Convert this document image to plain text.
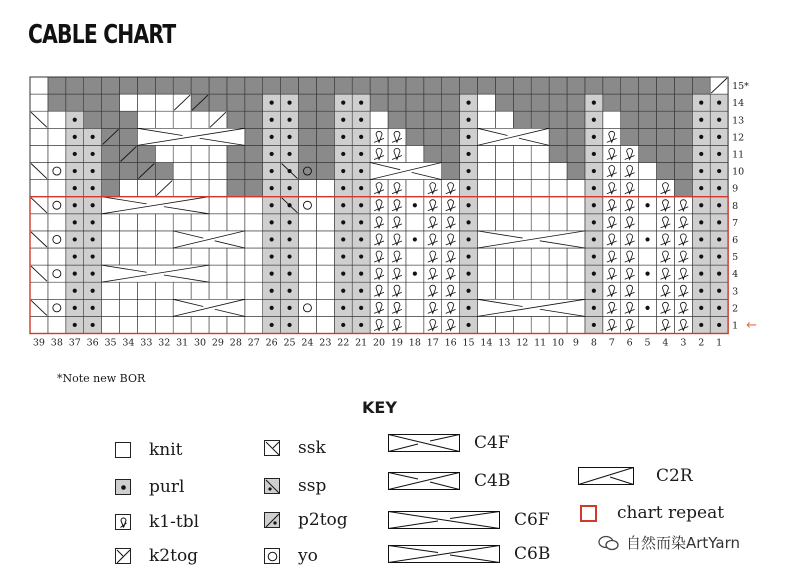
CABLE CHART
1
2
3
4
5
6
7
8
9
10
11
12
13
14
15*
39 38 37 36 35 34 33 32 31 30 29 28 27 26 25 24 23 22 21 20 19 18 17 16 15 14 13 12 11 10 9 8 7 6 5 4 3 2 1
←
*Note new BOR
KEY
knit
purl
k1-tbl
k2tog
ssk
ssp
p2tog
yo
C4F
C4B
C6F
C6B
C2R
chart repeat
自然而染ArtYarn
